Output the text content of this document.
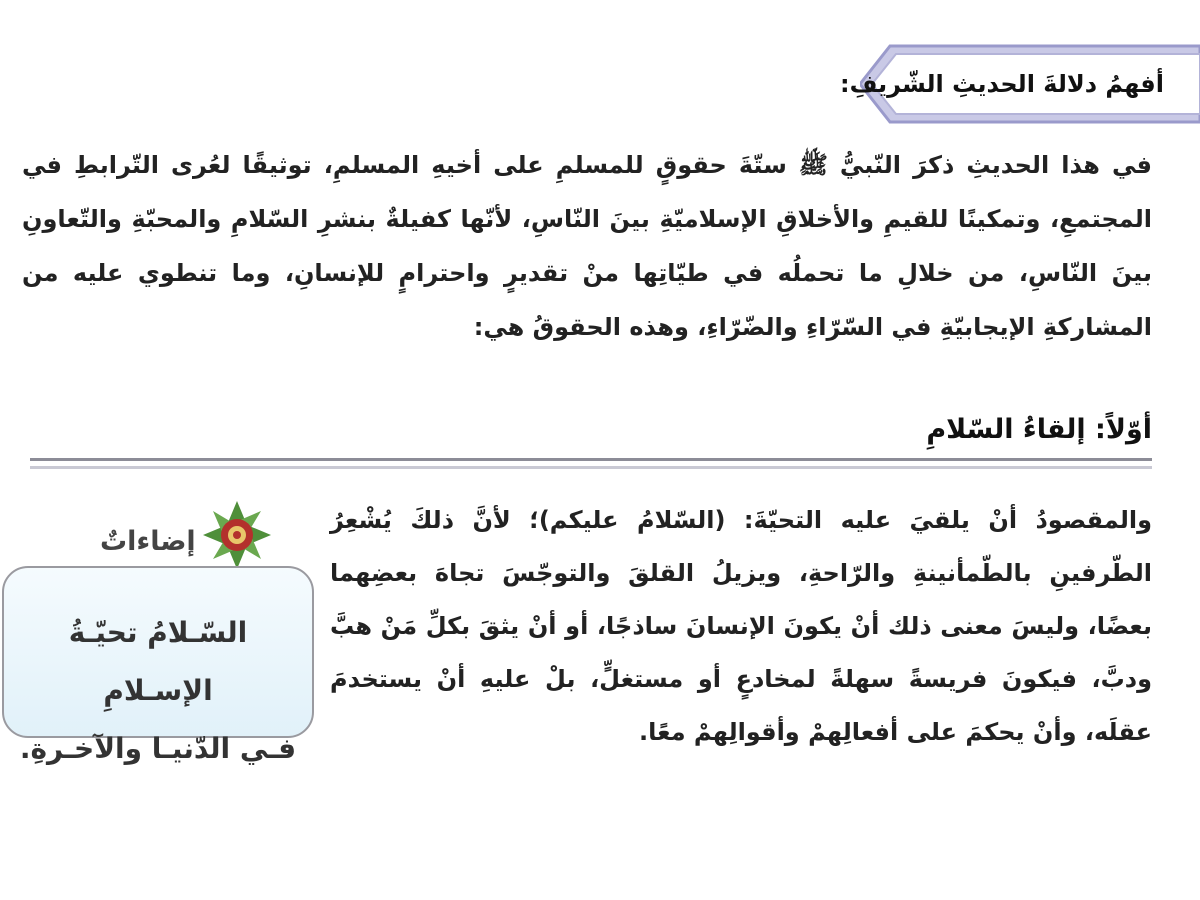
أفهمُ دلالةَ الحديثِ الشّريفِ:
في هذا الحديثِ ذكرَ النّبيُّ ﷺ ستّةَ حقوقٍ للمسلمِ على أخيهِ المسلمِ، توثيقًا لعُرى التّرابطِ في المجتمعِ، وتمكينًا للقيمِ والأخلاقِ الإسلاميّةِ بينَ النّاسِ، لأنّها كفيلةٌ بنشرِ السّلامِ والمحبّةِ والتّعاونِ بينَ النّاسِ، من خلالِ ما تحملُه في طيّاتِها منْ تقديرٍ واحترامٍ للإنسانِ، وما تنطوي عليه من المشاركةِ الإيجابيّةِ في السّرّاءِ والضّرّاءِ، وهذه الحقوقُ هي:
أوّلاً: إلقاءُ السّلامِ
والمقصودُ أنْ يلقيَ عليه التحيّةَ: (السّلامُ عليكم)؛ لأنَّ ذلكَ يُشْعِرُ الطّرفينِ بالطّمأنينةِ والرّاحةِ، ويزيلُ القلقَ والتوجّسَ تجاهَ بعضِهما بعضًا، وليسَ معنى ذلك أنْ يكونَ الإنسانَ ساذجًا، أو أنْ يثقَ بكلِّ مَنْ هبَّ ودبَّ، فيكونَ فريسةً سهلةً لمخادعٍ أو مستغلٍّ، بلْ عليهِ أنْ يستخدمَ عقلَه، وأنْ يحكمَ على أفعالِهمْ وأقوالِهمْ معًا.
إضاءاتٌ
السّـلامُ تحيّـةُ الإسـلامِ
فـي الدّنيـا والآخـرةِ.
